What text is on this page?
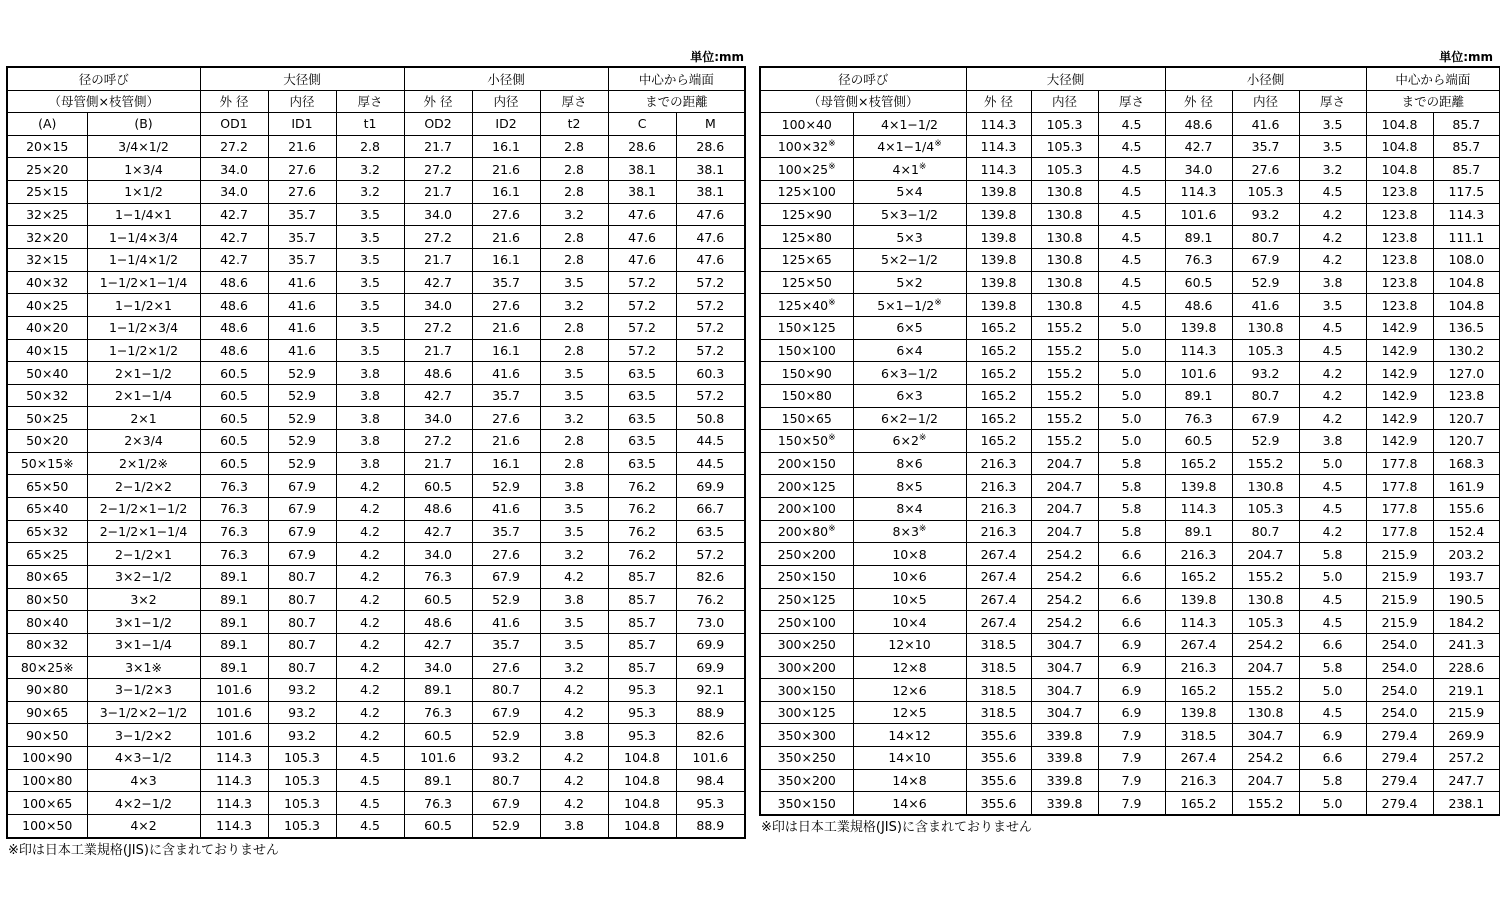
単位:mm
径の呼び		大径側			小径側			中心から端面	
（母管側×枝管側）		外 径	内径	厚さ	外 径	内径	厚さ	までの距離	
(A)	(B)	OD1	ID1	t1	OD2	ID2	t2	C	M
20×15	3/4×1/2	27.2	21.6	2.8	21.7	16.1	2.8	28.6	28.6
25×20	1×3/4	34.0	27.6	3.2	27.2	21.6	2.8	38.1	38.1
25×15	1×1/2	34.0	27.6	3.2	21.7	16.1	2.8	38.1	38.1
32×25	1−1/4×1	42.7	35.7	3.5	34.0	27.6	3.2	47.6	47.6
32×20	1−1/4×3/4	42.7	35.7	3.5	27.2	21.6	2.8	47.6	47.6
32×15	1−1/4×1/2	42.7	35.7	3.5	21.7	16.1	2.8	47.6	47.6
40×32	1−1/2×1−1/4	48.6	41.6	3.5	42.7	35.7	3.5	57.2	57.2
40×25	1−1/2×1	48.6	41.6	3.5	34.0	27.6	3.2	57.2	57.2
40×20	1−1/2×3/4	48.6	41.6	3.5	27.2	21.6	2.8	57.2	57.2
40×15	1−1/2×1/2	48.6	41.6	3.5	21.7	16.1	2.8	57.2	57.2
50×40	2×1−1/2	60.5	52.9	3.8	48.6	41.6	3.5	63.5	60.3
50×32	2×1−1/4	60.5	52.9	3.8	42.7	35.7	3.5	63.5	57.2
50×25	2×1	60.5	52.9	3.8	34.0	27.6	3.2	63.5	50.8
50×20	2×3/4	60.5	52.9	3.8	27.2	21.6	2.8	63.5	44.5
50×15※	2×1/2※	60.5	52.9	3.8	21.7	16.1	2.8	63.5	44.5
65×50	2−1/2×2	76.3	67.9	4.2	60.5	52.9	3.8	76.2	69.9
65×40	2−1/2×1−1/2	76.3	67.9	4.2	48.6	41.6	3.5	76.2	66.7
65×32	2−1/2×1−1/4	76.3	67.9	4.2	42.7	35.7	3.5	76.2	63.5
65×25	2−1/2×1	76.3	67.9	4.2	34.0	27.6	3.2	76.2	57.2
80×65	3×2−1/2	89.1	80.7	4.2	76.3	67.9	4.2	85.7	82.6
80×50	3×2	89.1	80.7	4.2	60.5	52.9	3.8	85.7	76.2
80×40	3×1−1/2	89.1	80.7	4.2	48.6	41.6	3.5	85.7	73.0
80×32	3×1−1/4	89.1	80.7	4.2	42.7	35.7	3.5	85.7	69.9
80×25※	3×1※	89.1	80.7	4.2	34.0	27.6	3.2	85.7	69.9
90×80	3−1/2×3	101.6	93.2	4.2	89.1	80.7	4.2	95.3	92.1
90×65	3−1/2×2−1/2	101.6	93.2	4.2	76.3	67.9	4.2	95.3	88.9
90×50	3−1/2×2	101.6	93.2	4.2	60.5	52.9	3.8	95.3	82.6
100×90	4×3−1/2	114.3	105.3	4.5	101.6	93.2	4.2	104.8	101.6
100×80	4×3	114.3	105.3	4.5	89.1	80.7	4.2	104.8	98.4
100×65	4×2−1/2	114.3	105.3	4.5	76.3	67.9	4.2	104.8	95.3
100×50	4×2	114.3	105.3	4.5	60.5	52.9	3.8	104.8	88.9
※印は日本工業規格(JIS)に含まれておりません
単位:mm
径の呼び		大径側			小径側			中心から端面	
（母管側×枝管側）		外 径	内径	厚さ	外 径	内径	厚さ	までの距離	
100×40	4×1−1/2	114.3	105.3	4.5	48.6	41.6	3.5	104.8	85.7
100×32※	4×1−1/4※	114.3	105.3	4.5	42.7	35.7	3.5	104.8	85.7
100×25※	4×1※	114.3	105.3	4.5	34.0	27.6	3.2	104.8	85.7
125×100	5×4	139.8	130.8	4.5	114.3	105.3	4.5	123.8	117.5
125×90	5×3−1/2	139.8	130.8	4.5	101.6	93.2	4.2	123.8	114.3
125×80	5×3	139.8	130.8	4.5	89.1	80.7	4.2	123.8	111.1
125×65	5×2−1/2	139.8	130.8	4.5	76.3	67.9	4.2	123.8	108.0
125×50	5×2	139.8	130.8	4.5	60.5	52.9	3.8	123.8	104.8
125×40※	5×1−1/2※	139.8	130.8	4.5	48.6	41.6	3.5	123.8	104.8
150×125	6×5	165.2	155.2	5.0	139.8	130.8	4.5	142.9	136.5
150×100	6×4	165.2	155.2	5.0	114.3	105.3	4.5	142.9	130.2
150×90	6×3−1/2	165.2	155.2	5.0	101.6	93.2	4.2	142.9	127.0
150×80	6×3	165.2	155.2	5.0	89.1	80.7	4.2	142.9	123.8
150×65	6×2−1/2	165.2	155.2	5.0	76.3	67.9	4.2	142.9	120.7
150×50※	6×2※	165.2	155.2	5.0	60.5	52.9	3.8	142.9	120.7
200×150	8×6	216.3	204.7	5.8	165.2	155.2	5.0	177.8	168.3
200×125	8×5	216.3	204.7	5.8	139.8	130.8	4.5	177.8	161.9
200×100	8×4	216.3	204.7	5.8	114.3	105.3	4.5	177.8	155.6
200×80※	8×3※	216.3	204.7	5.8	89.1	80.7	4.2	177.8	152.4
250×200	10×8	267.4	254.2	6.6	216.3	204.7	5.8	215.9	203.2
250×150	10×6	267.4	254.2	6.6	165.2	155.2	5.0	215.9	193.7
250×125	10×5	267.4	254.2	6.6	139.8	130.8	4.5	215.9	190.5
250×100	10×4	267.4	254.2	6.6	114.3	105.3	4.5	215.9	184.2
300×250	12×10	318.5	304.7	6.9	267.4	254.2	6.6	254.0	241.3
300×200	12×8	318.5	304.7	6.9	216.3	204.7	5.8	254.0	228.6
300×150	12×6	318.5	304.7	6.9	165.2	155.2	5.0	254.0	219.1
300×125	12×5	318.5	304.7	6.9	139.8	130.8	4.5	254.0	215.9
350×300	14×12	355.6	339.8	7.9	318.5	304.7	6.9	279.4	269.9
350×250	14×10	355.6	339.8	7.9	267.4	254.2	6.6	279.4	257.2
350×200	14×8	355.6	339.8	7.9	216.3	204.7	5.8	279.4	247.7
350×150	14×6	355.6	339.8	7.9	165.2	155.2	5.0	279.4	238.1
※印は日本工業規格(JIS)に含まれておりません
